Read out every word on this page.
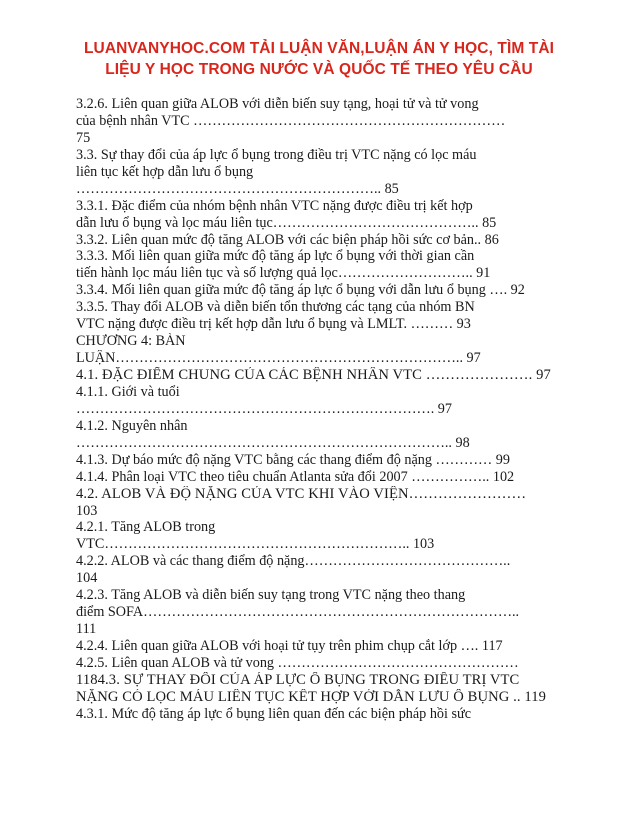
LUANVANYHOC.COM TẢI LUẬN VĂN,LUẬN ÁN Y HỌC, TÌM TÀI
LIỆU Y HỌC TRONG NƯỚC VÀ QUỐC TẾ THEO YÊU CẦU
3.2.6. Liên quan giữa ALOB với diễn biến suy tạng, hoại tử và tử vong
của bệnh nhân VTC …………………………………………………………
75
3.3. Sự thay đổi của áp lực ổ bụng trong điều trị VTC nặng có lọc máu
liên tục kết hợp dẫn lưu ổ bụng
……………………………………………………….. 85
3.3.1. Đặc điểm của nhóm bệnh nhân VTC nặng được điều trị kết hợp
dẫn lưu ổ bụng và lọc máu liên tục…………………………………….. 85
3.3.2. Liên quan mức độ tăng ALOB với các biện pháp hồi sức cơ bản.. 86
3.3.3. Mối liên quan giữa mức độ tăng áp lực ổ bụng với thời gian cần
tiến hành lọc máu liên tục và số lượng quả lọc……………………….. 91
3.3.4. Mối liên quan giữa mức độ tăng áp lực ổ bụng với dẫn lưu ổ bụng …. 92
3.3.5. Thay đổi ALOB và diễn biến tổn thương các tạng của nhóm BN
VTC nặng được điều trị kết hợp dẫn lưu ổ bụng và LMLT. ……… 93
CHƯƠNG 4: BÀN
LUẬN……………………………………………………………….. 97
4.1. ĐẶC ĐIỂM CHUNG CỦA CÁC BỆNH NHÂN VTC …………………. 97
4.1.1. Giới và tuổi
…………………………………………………………………. 97
4.1.2. Nguyên nhân
…………………………………………………………………….. 98
4.1.3. Dự báo mức độ nặng VTC bằng các thang điểm độ nặng ………… 99
4.1.4. Phân loại VTC theo tiêu chuẩn Atlanta sửa đổi 2007 …………….. 102
4.2. ALOB VÀ ĐỘ NẶNG CỦA VTC KHI VÀO VIỆN……………………
103
4.2.1. Tăng ALOB trong
VTC……………………………………………………….. 103
4.2.2. ALOB và các thang điểm độ nặng……………………………………..
104
4.2.3. Tăng ALOB và diễn biến suy tạng trong VTC nặng theo thang
điểm SOFA……………………………………………………………………..
111
4.2.4. Liên quan giữa ALOB với hoại tử tụy trên phim chụp cắt lớp …. 117
4.2.5. Liên quan ALOB và tử vong ……………………………………………
1184.3. SỰ THAY ĐỔI CỦA ÁP LỰC Ổ BỤNG TRONG ĐIỀU TRỊ VTC
NẶNG CÓ LỌC MÁU LIÊN TỤC KẾT HỢP VỚI DẪN LƯU Ổ BỤNG .. 119
4.3.1. Mức độ tăng áp lực ổ bụng liên quan đến các biện pháp hồi sức
